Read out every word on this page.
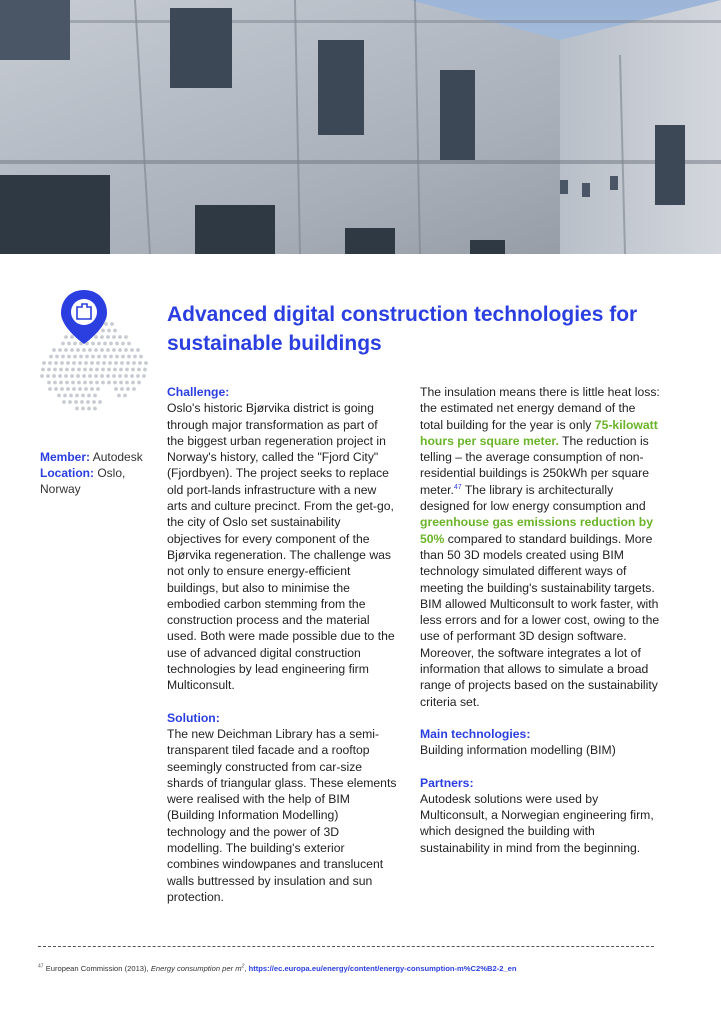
Advanced digital construction technologies for sustainable buildings
Member: Autodesk
Location: Oslo, Norway

Challenge:

Oslo's historic Bjørvika district is going through major transformation as part of the biggest urban regeneration project in Norway's history, called the "Fjord City" (Fjordbyen). The project seeks to replace old port-lands infrastructure with a new arts and culture precinct. From the get-go, the city of Oslo set sustainability objectives for every component of the Bjørvika regeneration. The challenge was not only to ensure energy-efficient buildings, but also to minimise the embodied carbon stemming from the construction process and the material used. Both were made possible due to the use of advanced digital construction technologies by lead engineering firm Multiconsult.

Solution:

The new Deichman Library has a semi-transparent tiled facade and a rooftop seemingly constructed from car-size shards of triangular glass. These elements were realised with the help of BIM (Building Information Modelling) technology and the power of 3D modelling. The building's exterior combines windowpanes and translucent walls buttressed by insulation and sun protection.

The insulation means there is little heat loss: the estimated net energy demand of the total building for the year is only 75-kilowatt hours per square meter. The reduction is telling – the average consumption of non-residential buildings is 250kWh per square meter.$^{47}$ The library is architecturally designed for low energy consumption and greenhouse gas emissions reduction by 50% compared to standard buildings. More than 50 3D models created using BIM technology simulated different ways of meeting the building's sustainability targets. BIM allowed Multiconsult to work faster, with less errors and for a lower cost, owing to the use of performant 3D design software. Moreover, the software integrates a lot of information that allows to simulate a broad range of projects based on the sustainability criteria set.

Main technologies:

Building information modelling (BIM)

Partners:

Autodesk solutions were used by Multiconsult, a Norwegian engineering firm, which designed the building with sustainability in mind from the beginning.

$^{47}$ European Commission (2013), Energy consumption per $m^2$, https://ec.europa.eu/energy/content/energy-consumption-m%C2%B2-2_en
